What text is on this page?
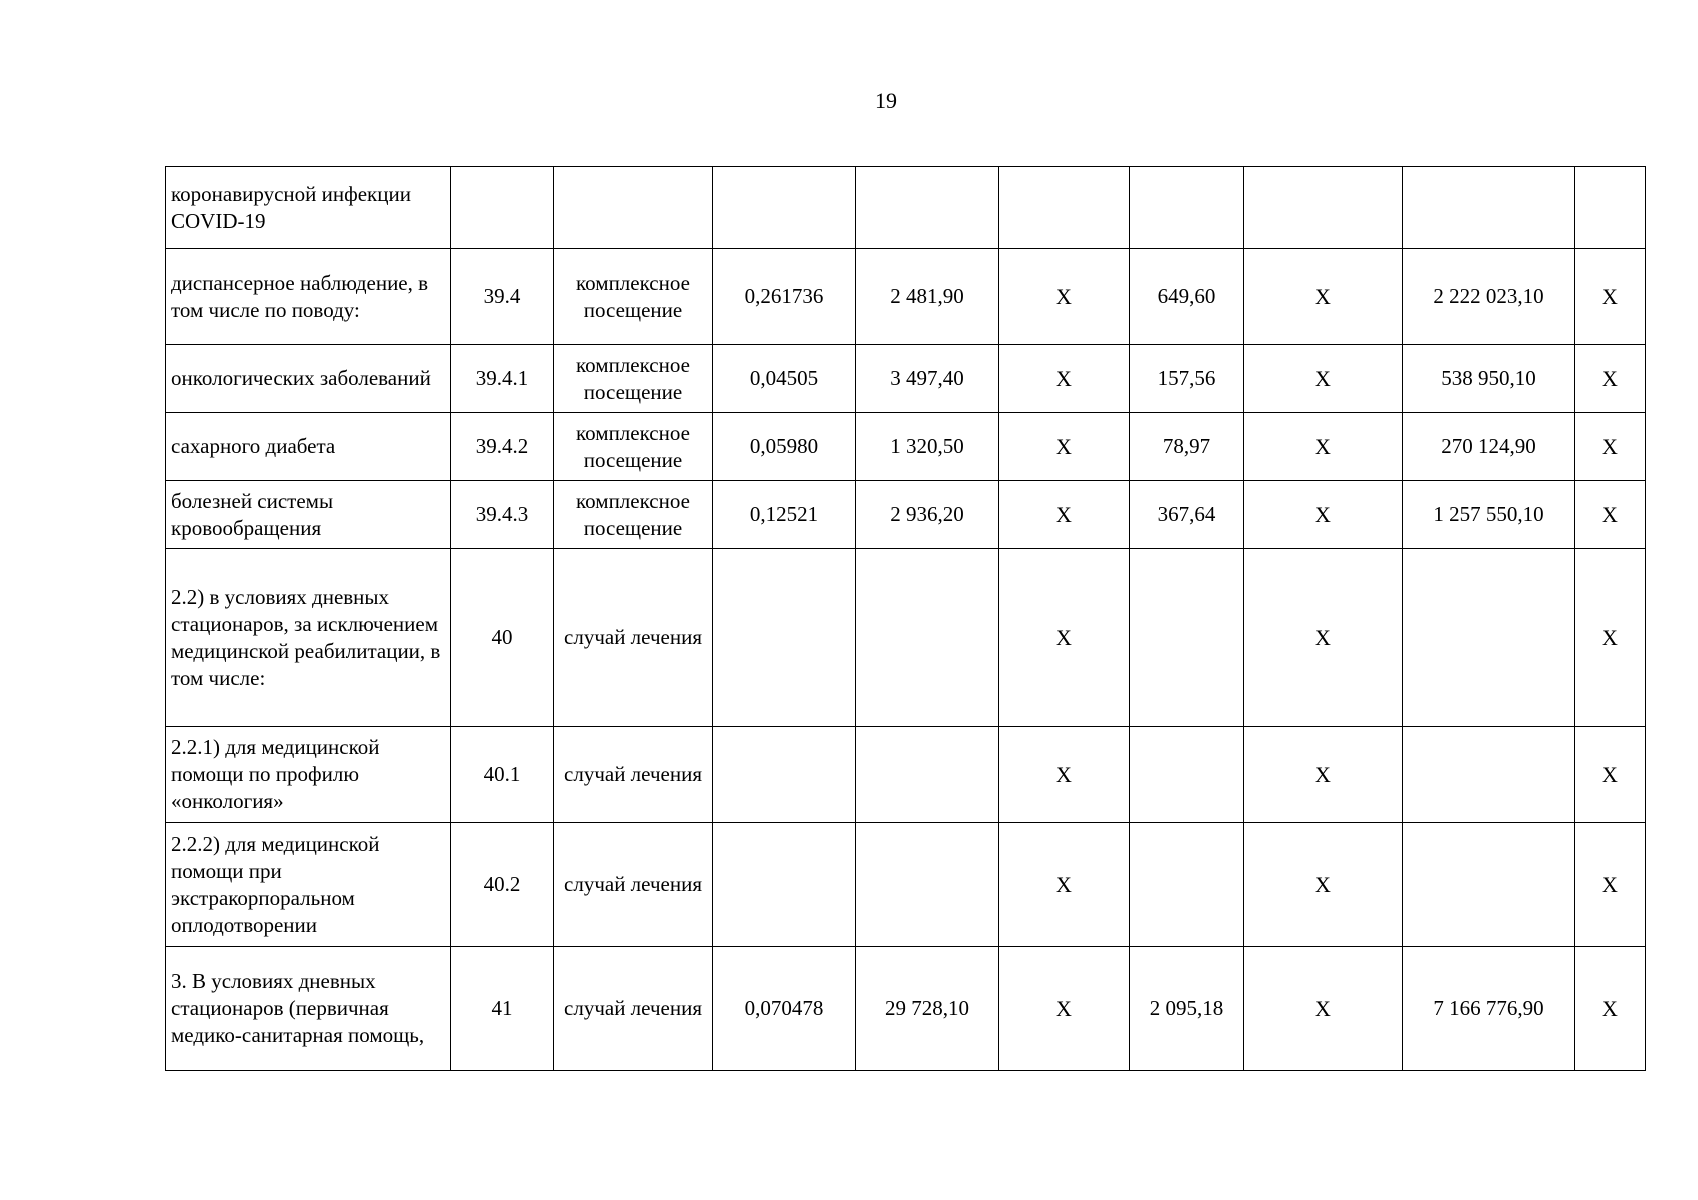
19
коронавирусной инфекции COVID-19									
диспансерное наблюдение, в том числе по поводу:	39.4	комплексное посещение	0,261736	2 481,90	Х	649,60	Х	2 222 023,10	Х
онкологических заболеваний	39.4.1	комплексное посещение	0,04505	3 497,40	Х	157,56	Х	538 950,10	Х
сахарного диабета	39.4.2	комплексное посещение	0,05980	1 320,50	Х	78,97	Х	270 124,90	Х
болезней системы кровообращения	39.4.3	комплексное посещение	0,12521	2 936,20	Х	367,64	Х	1 257 550,10	Х
2.2) в условиях дневных стационаров, за исключением медицинской реабилитации, в том числе:	40	случай лечения			Х		Х		Х
2.2.1) для медицинской помощи по профилю «онкология»	40.1	случай лечения			Х		Х		Х
2.2.2) для медицинской помощи при экстракорпоральном оплодотворении	40.2	случай лечения			Х		Х		Х
3. В условиях дневных стационаров (первичная медико-санитарная помощь,	41	случай лечения	0,070478	29 728,10	Х	2 095,18	Х	7 166 776,90	Х
